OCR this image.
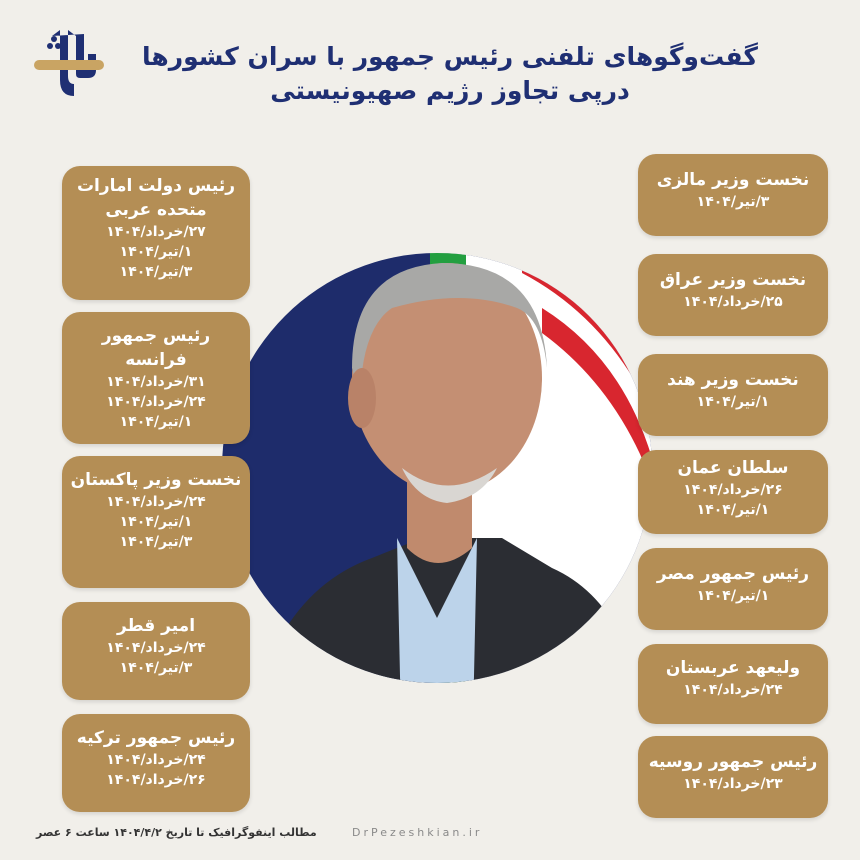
گفت‌وگوهای تلفنی رئیس جمهور با سران کشورها
درپی تجاوز رژیم صهیونیستی
رئیس دولت امارات متحده عربی
۲۷/خرداد/۱۴۰۴
۱/تیر/۱۴۰۴
۳/تیر/۱۴۰۴
رئیس جمهور فرانسه
۳۱/خرداد/۱۴۰۴
۲۴/خرداد/۱۴۰۴
۱/تیر/۱۴۰۴
نخست وزیر پاکستان
۲۴/خرداد/۱۴۰۴
۱/تیر/۱۴۰۴
۳/تیر/۱۴۰۴
امیر قطر
۲۴/خرداد/۱۴۰۴
۳/تیر/۱۴۰۴
رئیس جمهور ترکیه
۲۴/خرداد/۱۴۰۴
۲۶/خرداد/۱۴۰۴
نخست وزیر مالزی
۳/تیر/۱۴۰۴
نخست وزیر عراق
۲۵/خرداد/۱۴۰۴
نخست وزیر هند
۱/تیر/۱۴۰۴
سلطان عمان
۲۶/خرداد/۱۴۰۴
۱/تیر/۱۴۰۴
رئیس جمهور مصر
۱/تیر/۱۴۰۴
ولیعهد عربستان
۲۴/خرداد/۱۴۰۴
رئیس جمهور روسیه
۲۳/خرداد/۱۴۰۴
مطالب اینفوگرافیک تا تاریخ ۱۴۰۴/۴/۲ ساعت ۶ عصر	DrPezeshkian.ir
